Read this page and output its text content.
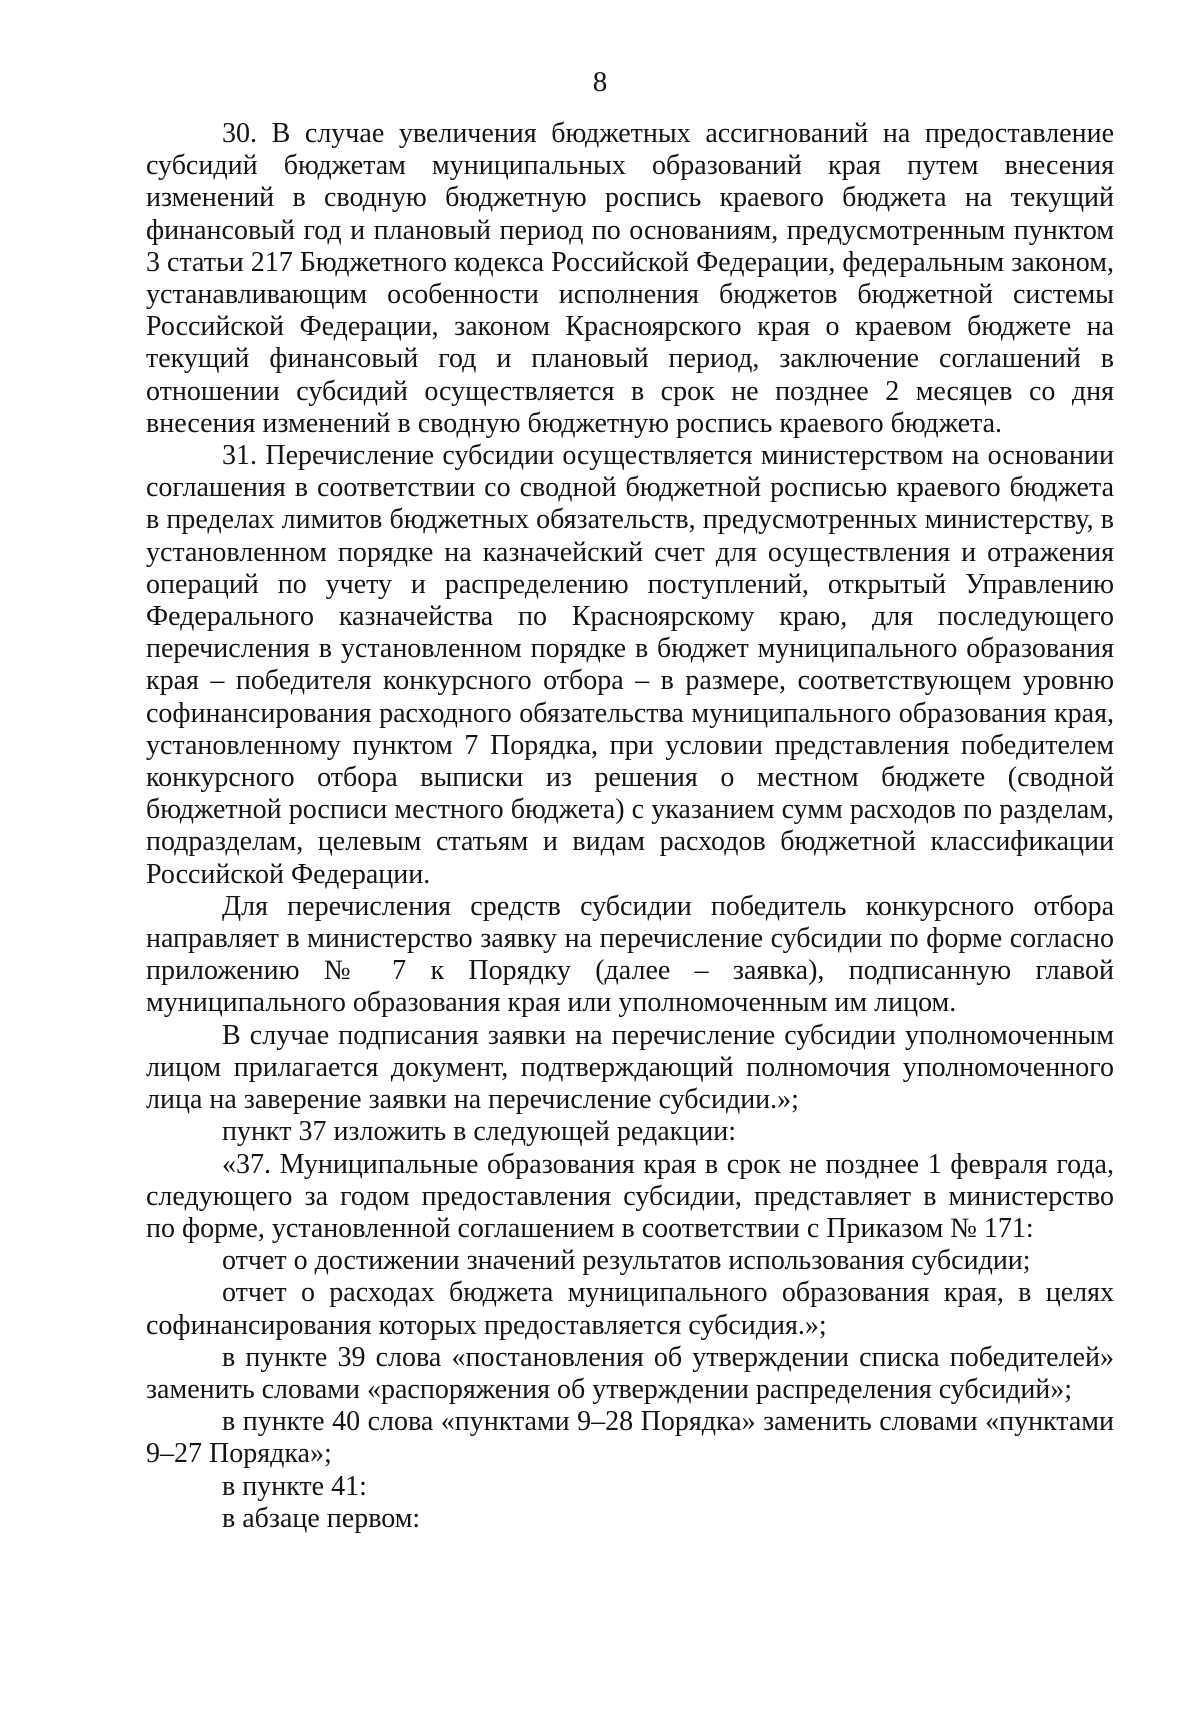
8

30. В случае увеличения бюджетных ассигнований на предоставление субсидий бюджетам муниципальных образований края путем внесения изменений в сводную бюджетную роспись краевого бюджета на текущий финансовый год и плановый период по основаниям, предусмотренным пунктом 3 статьи 217 Бюджетного кодекса Российской Федерации, федеральным законом, устанавливающим особенности исполнения бюджетов бюджетной системы Российской Федерации, законом Красноярского края о краевом бюджете на текущий финансовый год и плановый период, заключение соглашений в отношении субсидий осуществляется в срок не позднее 2 месяцев со дня внесения изменений в сводную бюджетную роспись краевого бюджета.

31. Перечисление субсидии осуществляется министерством на основании соглашения в соответствии со сводной бюджетной росписью краевого бюджета в пределах лимитов бюджетных обязательств, предусмотренных министерству, в установленном порядке на казначейский счет для осуществления и отражения операций по учету и распределению поступлений, открытый Управлению Федерального казначейства по Красноярскому краю, для последующего перечисления в установленном порядке в бюджет муниципального образования края – победителя конкурсного отбора – в размере, соответствующем уровню софинансирования расходного обязательства муниципального образования края, установленному пунктом 7 Порядка, при условии представления победителем конкурсного отбора выписки из решения о местном бюджете (сводной бюджетной росписи местного бюджета) с указанием сумм расходов по разделам, подразделам, целевым статьям и видам расходов бюджетной классификации Российской Федерации.

Для перечисления средств субсидии победитель конкурсного отбора направляет в министерство заявку на перечисление субсидии по форме согласно приложению № 7 к Порядку (далее – заявка), подписанную главой муниципального образования края или уполномоченным им лицом.

В случае подписания заявки на перечисление субсидии уполномоченным лицом прилагается документ, подтверждающий полномочия уполномоченного лица на заверение заявки на перечисление субсидии.»;

пункт 37 изложить в следующей редакции:

«37. Муниципальные образования края в срок не позднее 1 февраля года, следующего за годом предоставления субсидии, представляет в министерство по форме, установленной соглашением в соответствии с Приказом № 171:

отчет о достижении значений результатов использования субсидии;

отчет о расходах бюджета муниципального образования края, в целях софинансирования которых предоставляется субсидия.»;

в пункте 39 слова «постановления об утверждении списка победителей» заменить словами «распоряжения об утверждении распределения субсидий»;

в пункте 40 слова «пунктами 9–28 Порядка» заменить словами «пунктами 9–27 Порядка»;

в пункте 41:

в абзаце первом:
